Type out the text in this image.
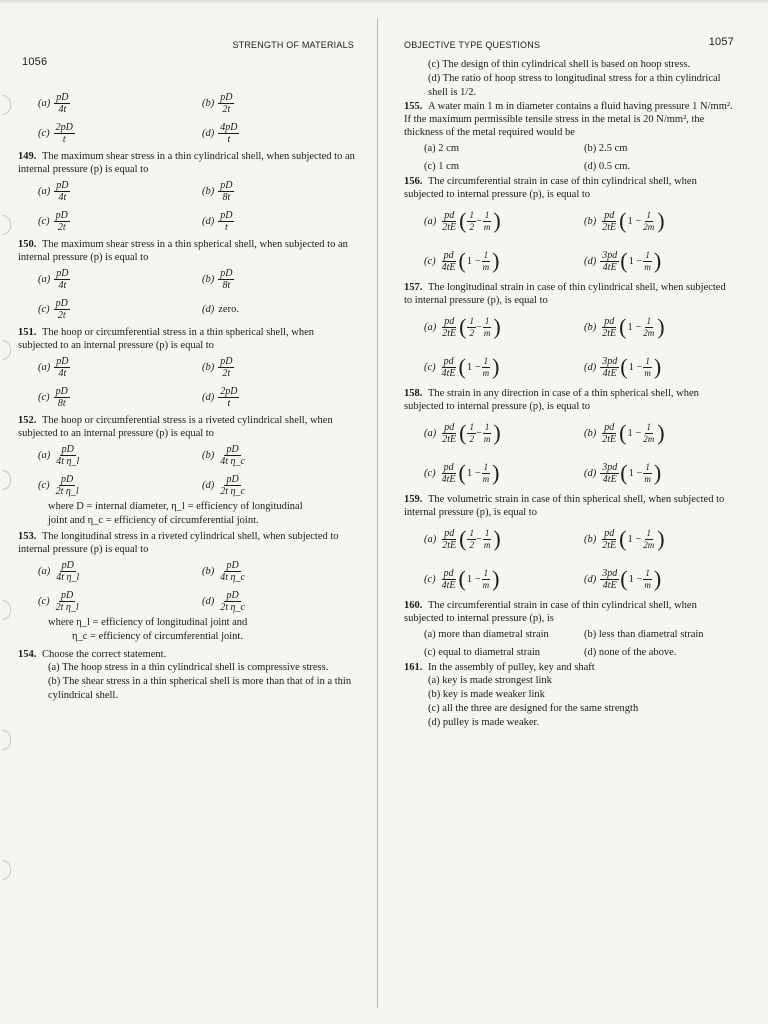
STRENGTH OF MATERIALS
1056
$(a) \frac{pD}{4t}$	$(b) \frac{pD}{2t}$
$(c) \frac{2pD}{t}$	$(d) \frac{4pD}{t}$

149. The maximum shear stress in a thin cylindrical shell, when subjected to an internal pressure (p) is equal to

$(a) \frac{pD}{4t}$	$(b) \frac{pD}{8t}$
$(c) \frac{pD}{2t}$	$(d) \frac{pD}{t}$

150. The maximum shear stress in a thin spherical shell, when subjected to an internal pressure (p) is equal to

$(a) \frac{pD}{4t}$	$(b) \frac{pD}{8t}$
$(c) \frac{pD}{2t}$	(d) zero.

151. The hoop or circumferential stress in a thin spherical shell, when subjected to an internal pressure (p) is equal to

$(a) \frac{pD}{4t}$	$(b) \frac{pD}{2t}$
$(c) \frac{pD}{8t}$	$(d) \frac{2pD}{t}$

152. The hoop or circumferential stress is a riveted cylindrical shell, when subjected to an internal pressure (p) is equal to

$(a) \frac{pD}{\text{4t η\_l}}$	$(b) \frac{pD}{\text{4t η\_c}}$
$(c) \frac{pD}{\text{2t η\_l}}$	$(d) \frac{pD}{\text{2t η\_c}}$
where D = internal diameter, η_l = efficiency of longitudinal
joint and η_c = efficiency of circumferential joint.

153. The longitudinal stress in a riveted cylindrical shell, when subjected to internal pressure (p) is equal to

$(a) \frac{pD}{\text{4t η\_l}}$	$(b) \frac{pD}{\text{4t η\_c}}$
$(c) \frac{pD}{\text{2t η\_l}}$	$(d) \frac{pD}{\text{2t η\_c}}$
where η_l = efficiency of longitudinal joint and
η_c = efficiency of circumferential joint.

154. Choose the correct statement.

(a) The hoop stress in a thin cylindrical shell is compressive stress.
(b) The shear stress in a thin spherical shell is more than that of in a thin cylindrical shell.
OBJECTIVE TYPE QUESTIONS	1057
(c) The design of thin cylindrical shell is based on hoop stress.
(d) The ratio of hoop stress to longitudinal stress for a thin cylindrical shell is 1/2.

155. A water main 1 m in diameter contains a fluid having pressure 1 N/mm². If the maximum permissible tensile stress in the metal is 20 N/mm², the thickness of the metal required would be

(a) 2 cm	(b) 2.5 cm
(c) 1 cm	(d) 0.5 cm.

156. The circumferential strain in case of thin cylindrical shell, when subjected to internal pressure (p), is equal to

$(a) \frac{pd}{2tE}$ ( $\frac{1}{2} - \frac{1}{m}$ )	$(b) \frac{pd}{2tE}$ ( $1 - \frac{1}{2m}$ )
$(c) \frac{pd}{4tE}$ ( $1 - \frac{1}{m}$ )	$(d) \frac{3pd}{4tE}$ ( $1 - \frac{1}{m}$ )

157. The longitudinal strain in case of thin cylindrical shell, when subjected to internal pressure (p), is equal to

$(a) \frac{pd}{2tE}$ ( $\frac{1}{2} - \frac{1}{m}$ )	$(b) \frac{pd}{2tE}$ ( $1 - \frac{1}{2m}$ )
$(c) \frac{pd}{4tE}$ ( $1 - \frac{1}{m}$ )	$(d) \frac{3pd}{4tE}$ ( $1 - \frac{1}{m}$ )

158. The strain in any direction in case of a thin spherical shell, when subjected to internal pressure (p), is equal to

$(a) \frac{pd}{2tE}$ ( $\frac{1}{2} - \frac{1}{m}$ )	$(b) \frac{pd}{2tE}$ ( $1 - \frac{1}{2m}$ )
$(c) \frac{pd}{4tE}$ ( $1 - \frac{1}{m}$ )	$(d) \frac{3pd}{4tE}$ ( $1 - \frac{1}{m}$ )

159. The volumetric strain in case of thin spherical shell, when subjected to internal pressure (p), is equal to

$(a) \frac{pd}{2tE}$ ( $\frac{1}{2} - \frac{1}{m}$ )	$(b) \frac{pd}{2tE}$ ( $1 - \frac{1}{2m}$ )
$(c) \frac{pd}{4tE}$ ( $1 - \frac{1}{m}$ )	$(d) \frac{3pd}{4tE}$ ( $1 - \frac{1}{m}$ )

160. The circumferential strain in case of thin cylindrical shell, when subjected to internal pressure (p), is

(a) more than diametral strain	(b) less than diametral strain
(c) equal to diametral strain	(d) none of the above.

161. In the assembly of pulley, key and shaft

(a) key is made strongest link
(b) key is made weaker link
(c) all the three are designed for the same strength
(d) pulley is made weaker.
